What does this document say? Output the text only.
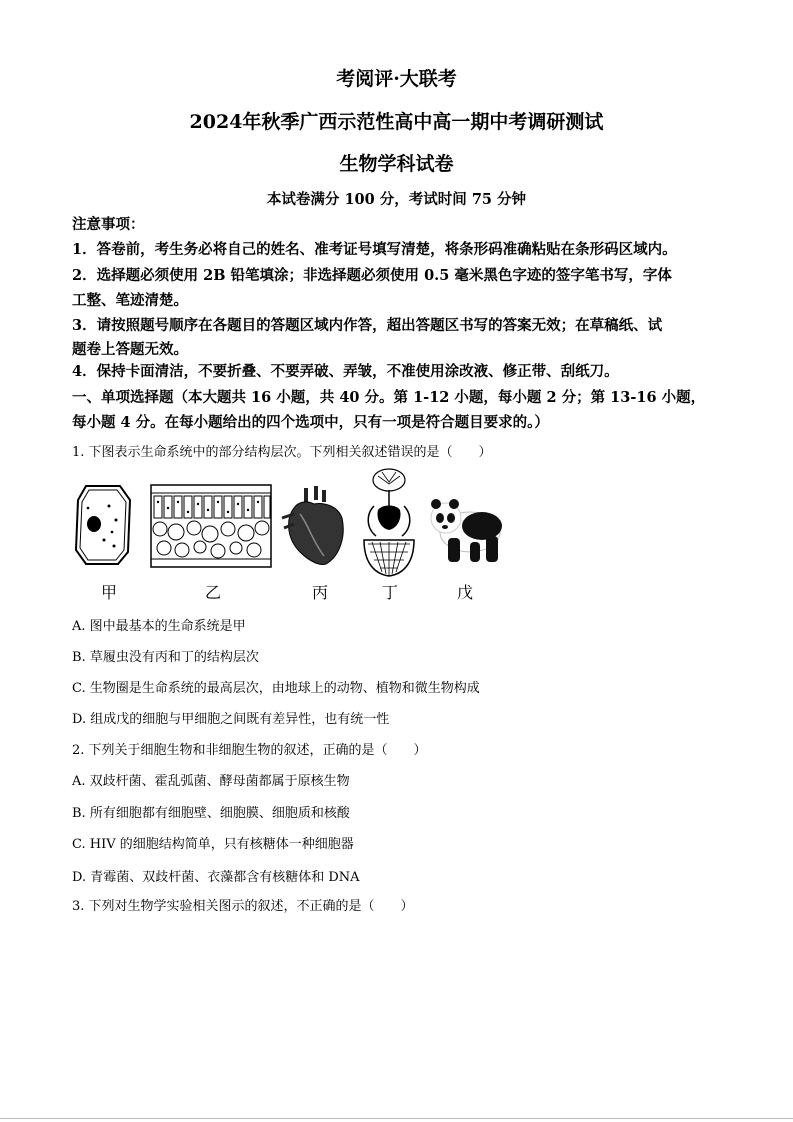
考阅评·大联考
2024年秋季广西示范性高中高一期中考调研测试
生物学科试卷
本试卷满分 100 分，考试时间 75 分钟
注意事项：
1．答卷前，考生务必将自己的姓名、准考证号填写清楚，将条形码准确粘贴在条形码区域内。
2．选择题必须使用 2B 铅笔填涂；非选择题必须使用 0.5 毫米黑色字迹的签字笔书写，字体
工整、笔迹清楚。
3．请按照题号顺序在各题目的答题区域内作答，超出答题区书写的答案无效；在草稿纸、试
题卷上答题无效。
4．保持卡面清洁，不要折叠、不要弄破、弄皱，不准使用涂改液、修正带、刮纸刀。
一、单项选择题（本大题共 16 小题，共 40 分。第 1-12 小题，每小题 2 分；第 13-16 小题，
每小题 4 分。在每小题给出的四个选项中，只有一项是符合题目要求的。）
1. 下图表示生命系统中的部分结构层次。下列相关叙述错误的是（　　）
甲	乙	丙	丁	戊
A. 图中最基本的生命系统是甲
B. 草履虫没有丙和丁的结构层次
C. 生物圈是生命系统的最高层次，由地球上的动物、植物和微生物构成
D. 组成戊的细胞与甲细胞之间既有差异性，也有统一性
2. 下列关于细胞生物和非细胞生物的叙述，正确的是（　　）
A. 双歧杆菌、霍乱弧菌、酵母菌都属于原核生物
B. 所有细胞都有细胞壁、细胞膜、细胞质和核酸
C. HIV 的细胞结构简单，只有核糖体一种细胞器
D. 青霉菌、双歧杆菌、衣藻都含有核糖体和 DNA
3. 下列对生物学实验相关图示的叙述，不正确的是（　　）
